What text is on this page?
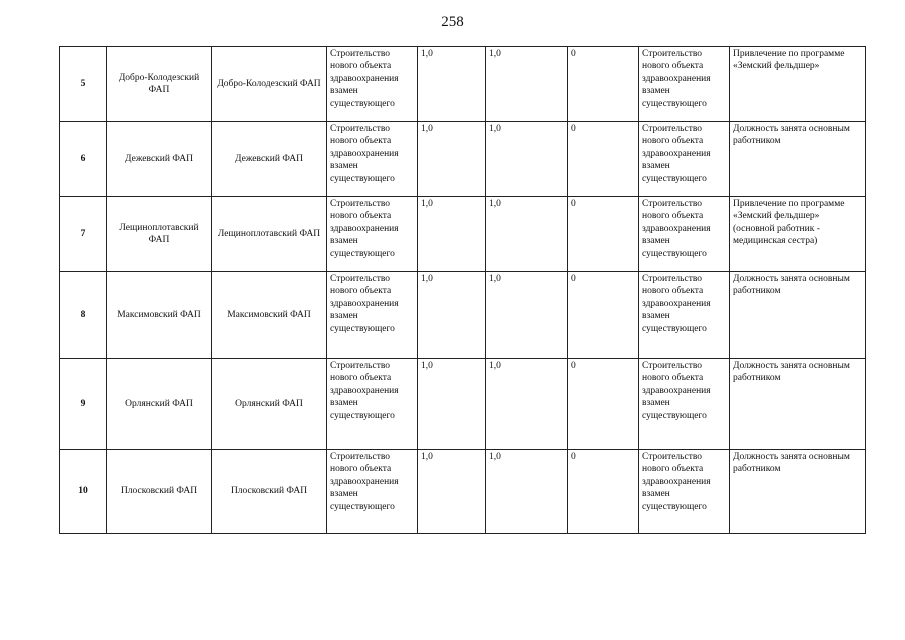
258
5	Добро-Колодезский ФАП	Добро-Колодезский ФАП	Строительство нового объекта здравоохранения взамен существующего	1,0	1,0	0	Строительство нового объекта здравоохранения взамен существующего	Привлечение по программе «Земский фельдшер»
6	Дежевский ФАП	Дежевский ФАП	Строительство нового объекта здравоохранения взамен существующего	1,0	1,0	0	Строительство нового объекта здравоохранения взамен существующего	Должность занята основным работником
7	Лещиноплотавский ФАП	Лещиноплотавский ФАП	Строительство нового объекта здравоохранения взамен существующего	1,0	1,0	0	Строительство нового объекта здравоохранения взамен существующего	Привлечение по программе «Земский фельдшер» (основной работник - медицинская сестра)

8	Максимовский ФАП	Максимовский ФАП	Строительство нового объекта здравоохранения взамен существующего	1,0	1,0	0	Строительство нового объекта здравоохранения взамен существующего	Должность занята основным работником
9	Орлянский ФАП	Орлянский ФАП	Строительство нового объекта здравоохранения взамен существующего	1,0	1,0	0	Строительство нового объекта здравоохранения взамен существующего	Должность занята основным работником
10	Плосковский ФАП	Плосковский ФАП	Строительство нового объекта здравоохранения взамен существующего	1,0	1,0	0	Строительство нового объекта здравоохранения взамен существующего	Должность занята основным работником
